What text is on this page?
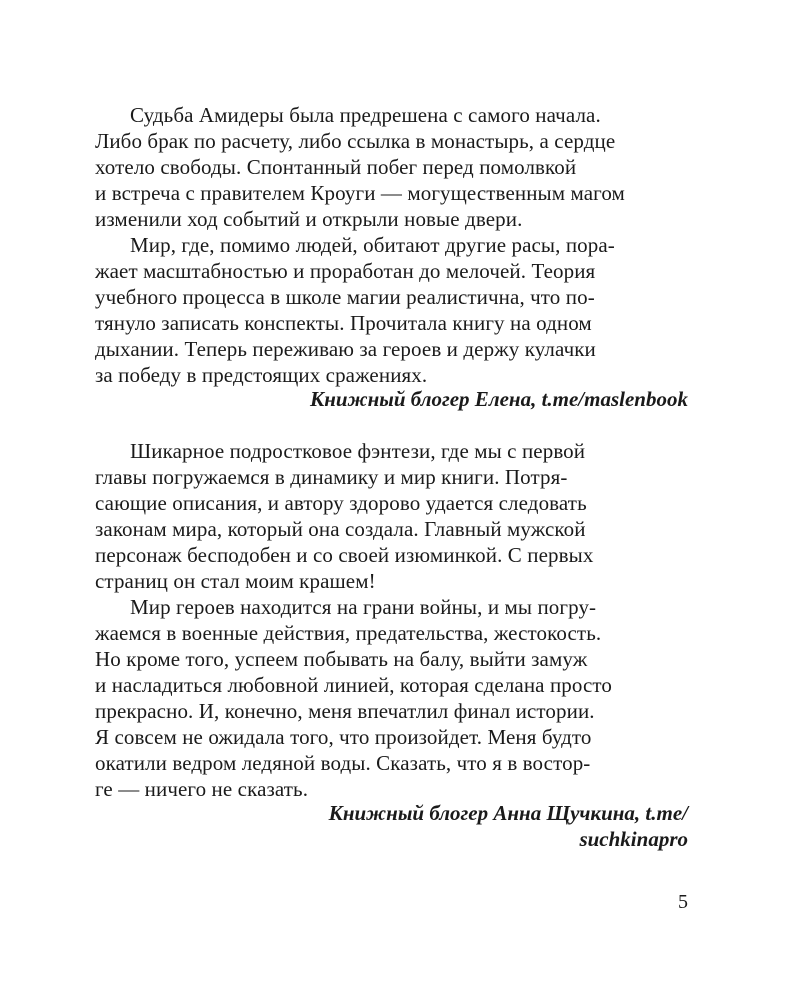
Судьба Амидеры была предрешена с самого начала.
Либо брак по расчету, либо ссылка в монастырь, а сердце
хотело свободы. Спонтанный побег перед помолвкой
и встреча с правителем Кроуги — могущественным магом
изменили ход событий и открыли новые двери.
Мир, где, помимо людей, обитают другие расы, пора-
жает масштабностью и проработан до мелочей. Теория
учебного процесса в школе магии реалистична, что по-
тянуло записать конспекты. Прочитала книгу на одном
дыхании. Теперь переживаю за героев и держу кулачки
за победу в предстоящих сражениях.
Книжный блогер Елена, t.me/maslenbook
Шикарное подростковое фэнтези, где мы с первой
главы погружаемся в динамику и мир книги. Потря-
сающие описания, и автору здорово удается следовать
законам мира, который она создала. Главный мужской
персонаж бесподобен и со своей изюминкой. С первых
страниц он стал моим крашем!
Мир героев находится на грани войны, и мы погру-
жаемся в военные действия, предательства, жестокость.
Но кроме того, успеем побывать на балу, выйти замуж
и насладиться любовной линией, которая сделана просто
прекрасно. И, конечно, меня впечатлил финал истории.
Я совсем не ожидала того, что произойдет. Меня будто
окатили ведром ледяной воды. Сказать, что я в востор-
ге — ничего не сказать.
Книжный блогер Анна Щучкина, t.me/
suchkinapro
5
